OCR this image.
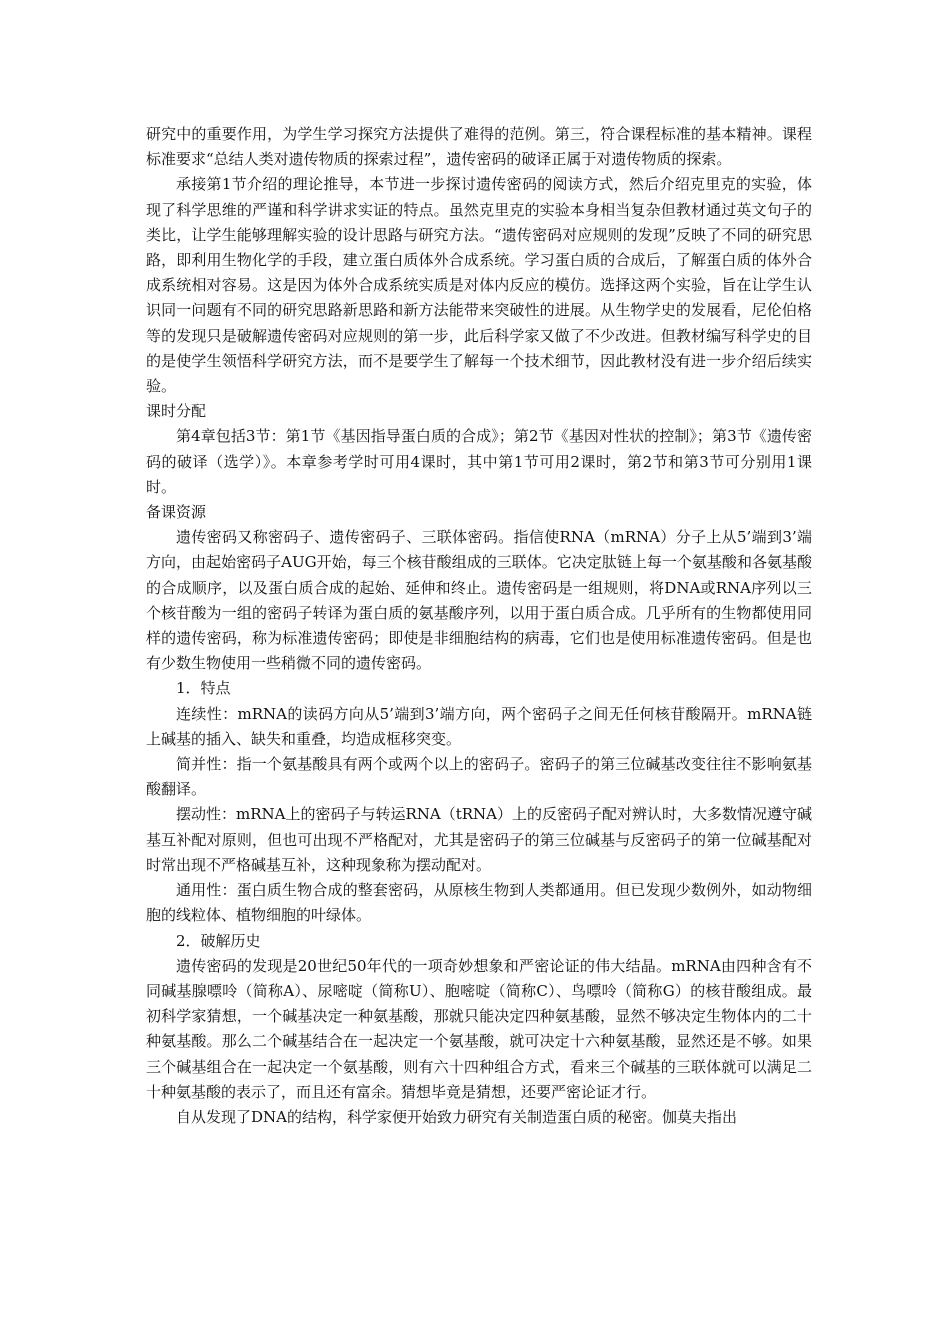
研究中的重要作用，为学生学习探究方法提供了难得的范例。第三，符合课程标准的基本精神。课程标准要求“总结人类对遗传物质的探索过程”，遗传密码的破译正属于对遗传物质的探索。

承接第1节介绍的理论推导，本节进一步探讨遗传密码的阅读方式，然后介绍克里克的实验，体现了科学思维的严谨和科学讲求实证的特点。虽然克里克的实验本身相当复杂但教材通过英文句子的类比，让学生能够理解实验的设计思路与研究方法。“遗传密码对应规则的发现”反映了不同的研究思路，即利用生物化学的手段，建立蛋白质体外合成系统。学习蛋白质的合成后，了解蛋白质的体外合成系统相对容易。这是因为体外合成系统实质是对体内反应的模仿。选择这两个实验，旨在让学生认识同一问题有不同的研究思路新思路和新方法能带来突破性的进展。从生物学史的发展看，尼伦伯格等的发现只是破解遗传密码对应规则的第一步，此后科学家又做了不少改进。但教材编写科学史的目的是使学生领悟科学研究方法，而不是要学生了解每一个技术细节，因此教材没有进一步介绍后续实验。

课时分配

第4章包括3节：第1节《基因指导蛋白质的合成》；第2节《基因对性状的控制》；第3节《遗传密码的破译（选学）》。本章参考学时可用4课时，其中第1节可用2课时，第2节和第3节可分别用1课时。

备课资源

遗传密码又称密码子、遗传密码子、三联体密码。指信使RNA（mRNA）分子上从5’端到3’端方向，由起始密码子AUG开始，每三个核苷酸组成的三联体。它决定肽链上每一个氨基酸和各氨基酸的合成顺序，以及蛋白质合成的起始、延伸和终止。遗传密码是一组规则，将DNA或RNA序列以三个核苷酸为一组的密码子转译为蛋白质的氨基酸序列，以用于蛋白质合成。几乎所有的生物都使用同样的遗传密码，称为标准遗传密码；即使是非细胞结构的病毒，它们也是使用标准遗传密码。但是也有少数生物使用一些稍微不同的遗传密码。

1．特点

连续性：mRNA的读码方向从5’端到3’端方向，两个密码子之间无任何核苷酸隔开。mRNA链上碱基的插入、缺失和重叠，均造成框移突变。

简并性：指一个氨基酸具有两个或两个以上的密码子。密码子的第三位碱基改变往往不影响氨基酸翻译。

摆动性：mRNA上的密码子与转运RNA（tRNA）上的反密码子配对辨认时，大多数情况遵守碱基互补配对原则，但也可出现不严格配对，尤其是密码子的第三位碱基与反密码子的第一位碱基配对时常出现不严格碱基互补，这种现象称为摆动配对。

通用性：蛋白质生物合成的整套密码，从原核生物到人类都通用。但已发现少数例外，如动物细胞的线粒体、植物细胞的叶绿体。

2．破解历史

遗传密码的发现是20世纪50年代的一项奇妙想象和严密论证的伟大结晶。mRNA由四种含有不同碱基腺嘌呤（简称A）、尿嘧啶（简称U）、胞嘧啶（简称C）、鸟嘌呤（简称G）的核苷酸组成。最初科学家猜想，一个碱基决定一种氨基酸，那就只能决定四种氨基酸，显然不够决定生物体内的二十种氨基酸。那么二个碱基结合在一起决定一个氨基酸，就可决定十六种氨基酸，显然还是不够。如果三个碱基组合在一起决定一个氨基酸，则有六十四种组合方式，看来三个碱基的三联体就可以满足二十种氨基酸的表示了，而且还有富余。猜想毕竟是猜想，还要严密论证才行。

自从发现了DNA的结构，科学家便开始致力研究有关制造蛋白质的秘密。伽莫夫指出
